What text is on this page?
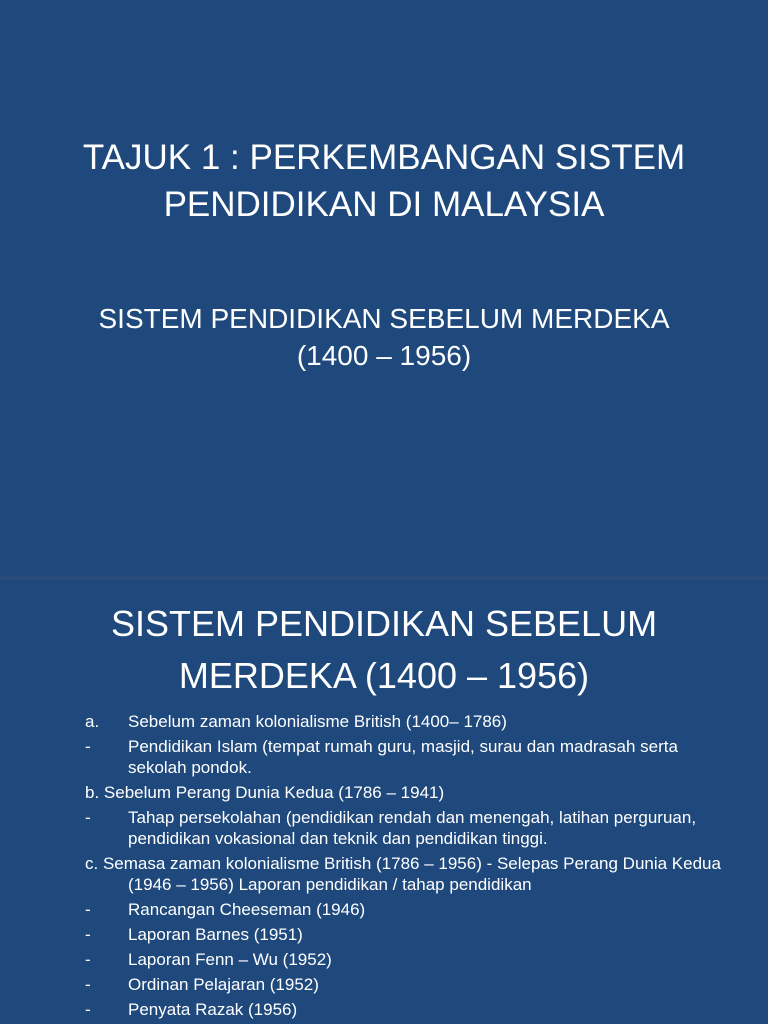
TAJUK 1 : PERKEMBANGAN SISTEM PENDIDIKAN DI MALAYSIA

SISTEM PENDIDIKAN SEBELUM MERDEKA (1400 – 1956)

SISTEM PENDIDIKAN SEBELUM MERDEKA (1400 – 1956)
a.	Sebelum zaman kolonialisme British (1400– 1786)
-	Pendidikan Islam (tempat rumah guru, masjid, surau dan madrasah serta sekolah pondok.
b. Sebelum Perang Dunia Kedua (1786 – 1941)
-	Tahap persekolahan (pendidikan rendah dan menengah, latihan perguruan, pendidikan vokasional dan teknik dan pendidikan tinggi.
c. Semasa zaman kolonialisme British (1786 – 1956) - Selepas Perang Dunia Kedua (1946 – 1956) Laporan pendidikan / tahap pendidikan
-	Rancangan Cheeseman (1946)
-	Laporan Barnes (1951)
-	Laporan Fenn – Wu (1952)
-	Ordinan Pelajaran (1952)
-	Penyata Razak (1956)
